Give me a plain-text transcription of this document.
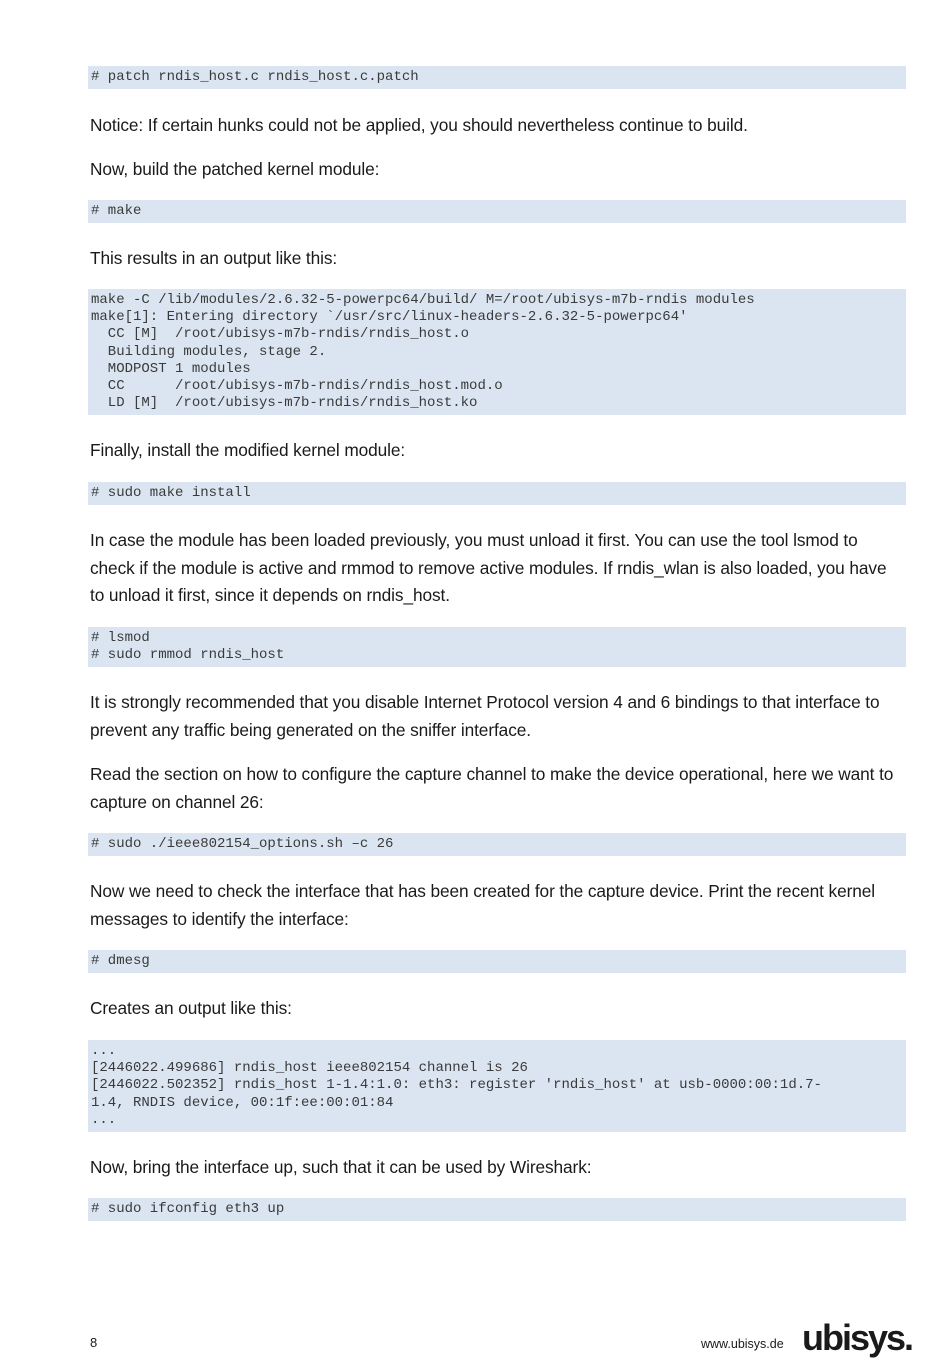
# patch rndis_host.c rndis_host.c.patch
Notice: If certain hunks could not be applied, you should nevertheless continue to build.
Now, build the patched kernel module:
# make
This results in an output like this:
make -C /lib/modules/2.6.32-5-powerpc64/build/ M=/root/ubisys-m7b-rndis modules
make[1]: Entering directory `/usr/src/linux-headers-2.6.32-5-powerpc64'
CC [M]  /root/ubisys-m7b-rndis/rndis_host.o
Building modules, stage 2.
MODPOST 1 modules
CC      /root/ubisys-m7b-rndis/rndis_host.mod.o
LD [M]  /root/ubisys-m7b-rndis/rndis_host.ko
Finally, install the modified kernel module:
# sudo make install
In case the module has been loaded previously, you must unload it first. You can use the tool lsmod to check if the module is active and rmmod to remove active modules. If rndis_wlan is also loaded, you have to unload it first, since it depends on rndis_host.
# lsmod
# sudo rmmod rndis_host
It is strongly recommended that you disable Internet Protocol version 4 and 6 bindings to that interface to prevent any traffic being generated on the sniffer interface.
Read the section on how to configure the capture channel to make the device operational, here we want to capture on channel 26:
# sudo ./ieee802154_options.sh –c 26
Now we need to check the interface that has been created for the capture device. Print the recent kernel messages to identify the interface:
# dmesg
Creates an output like this:
...
[2446022.499686] rndis_host ieee802154 channel is 26
[2446022.502352] rndis_host 1-1.4:1.0: eth3: register 'rndis_host' at usb-0000:00:1d.7-
1.4, RNDIS device, 00:1f:ee:00:01:84
...
Now, bring the interface up, such that it can be used by Wireshark:
# sudo ifconfig eth3 up
8	www.ubisys.de ubisys.
